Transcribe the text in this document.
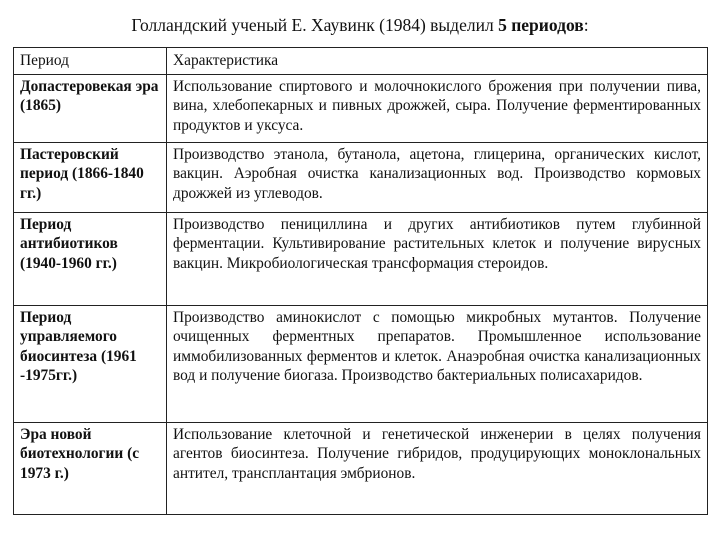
Голландский ученый Е. Хаувинк (1984) выделил 5 периодов:
Период	Характеристика
Допастеровекая эра (1865)	Использование спиртового и молочнокислого брожения при получении пива, вина, хлебопекарных и пивных дрожжей, сыра. Получение ферментированных продуктов и уксуса.
Пастеровский период (1866-1840 гг.)	Производство этанола, бутанола, ацетона, глицерина, органических кислот, вакцин. Аэробная очистка канализационных вод. Производство кормовых дрожжей из углеводов.
Период антибиотиков (1940-1960 гг.)	Производство пенициллина и других антибиотиков путем глубинной ферментации. Культивирование растительных клеток и получение вирусных вакцин. Микробиологическая трансформация стероидов.
Период управляемого биосинтеза (1961 -1975гг.)	Производство аминокислот с помощью микробных мутантов. Получение очищенных ферментных препаратов. Промышленное использование иммобилизованных ферментов и клеток. Анаэробная очистка канализационных вод и получение биогаза. Производство бактериальных полисахаридов.
Эра новой биотехнологии (с 1973 г.)	Использование клеточной и генетической инженерии в целях получения агентов биосинтеза. Получение гибридов, продуцирующих моноклональных антител, трансплантация эмбрионов.
